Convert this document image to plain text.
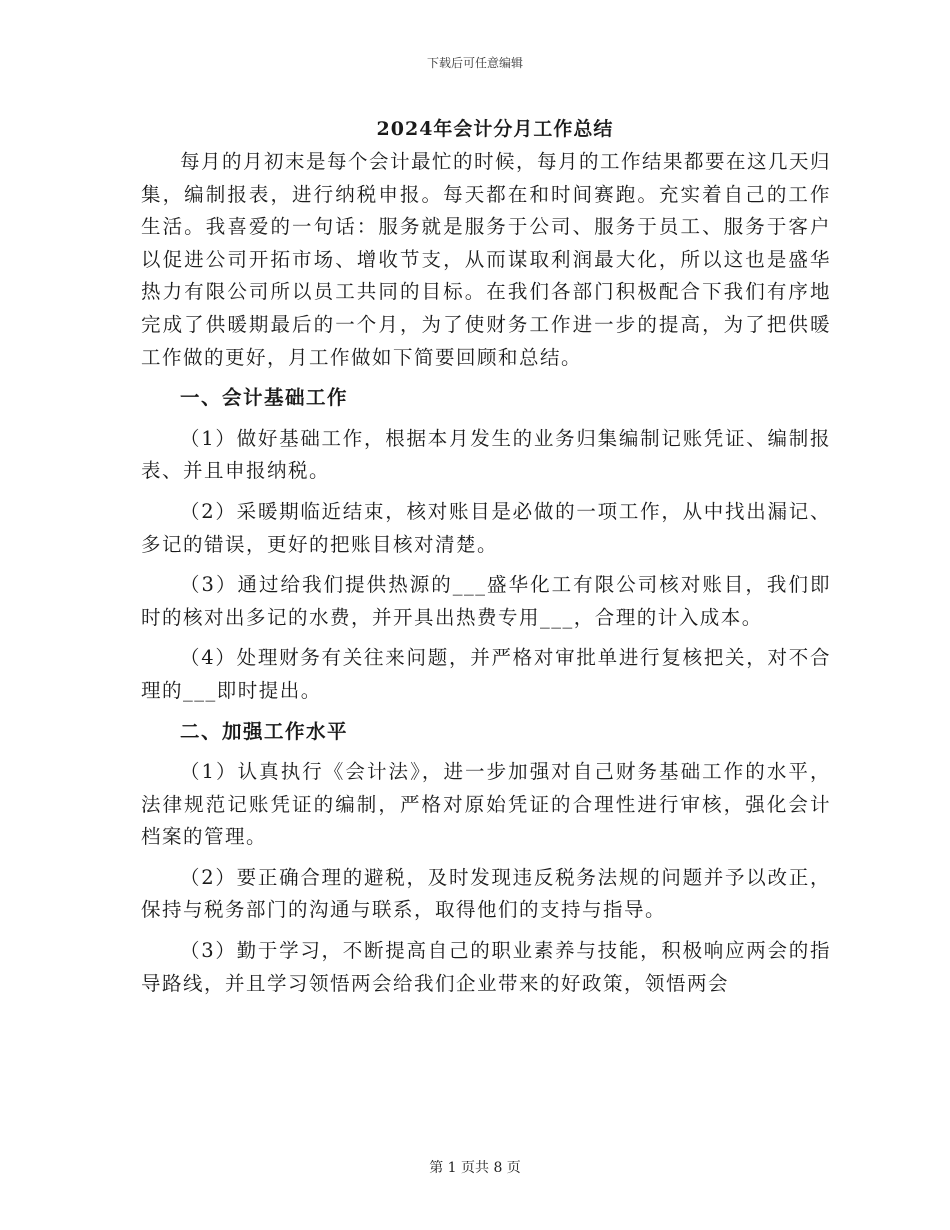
下载后可任意编辑
2024年会计分月工作总结

每月的月初末是每个会计最忙的时候，每月的工作结果都要在这几天归集，编制报表，进行纳税申报。每天都在和时间赛跑。充实着自己的工作生活。我喜爱的一句话：服务就是服务于公司、服务于员工、服务于客户以促进公司开拓市场、增收节支，从而谋取利润最大化，所以这也是盛华热力有限公司所以员工共同的目标。在我们各部门积极配合下我们有序地完成了供暖期最后的一个月，为了使财务工作进一步的提高，为了把供暖工作做的更好，月工作做如下简要回顾和总结。

一、会计基础工作

（1）做好基础工作，根据本月发生的业务归集编制记账凭证、编制报表、并且申报纳税。

（2）采暖期临近结束，核对账目是必做的一项工作，从中找出漏记、多记的错误，更好的把账目核对清楚。

（3）通过给我们提供热源的___盛华化工有限公司核对账目，我们即时的核对出多记的水费，并开具出热费专用___，合理的计入成本。

（4）处理财务有关往来问题，并严格对审批单进行复核把关，对不合理的___即时提出。

二、加强工作水平

（1）认真执行《会计法》，进一步加强对自己财务基础工作的水平，法律规范记账凭证的编制，严格对原始凭证的合理性进行审核，强化会计档案的管理。

（2）要正确合理的避税，及时发现违反税务法规的问题并予以改正，保持与税务部门的沟通与联系，取得他们的支持与指导。

（3）勤于学习，不断提高自己的职业素养与技能，积极响应两会的指导路线，并且学习领悟两会给我们企业带来的好政策，领悟两会

第 1 页共 8 页
